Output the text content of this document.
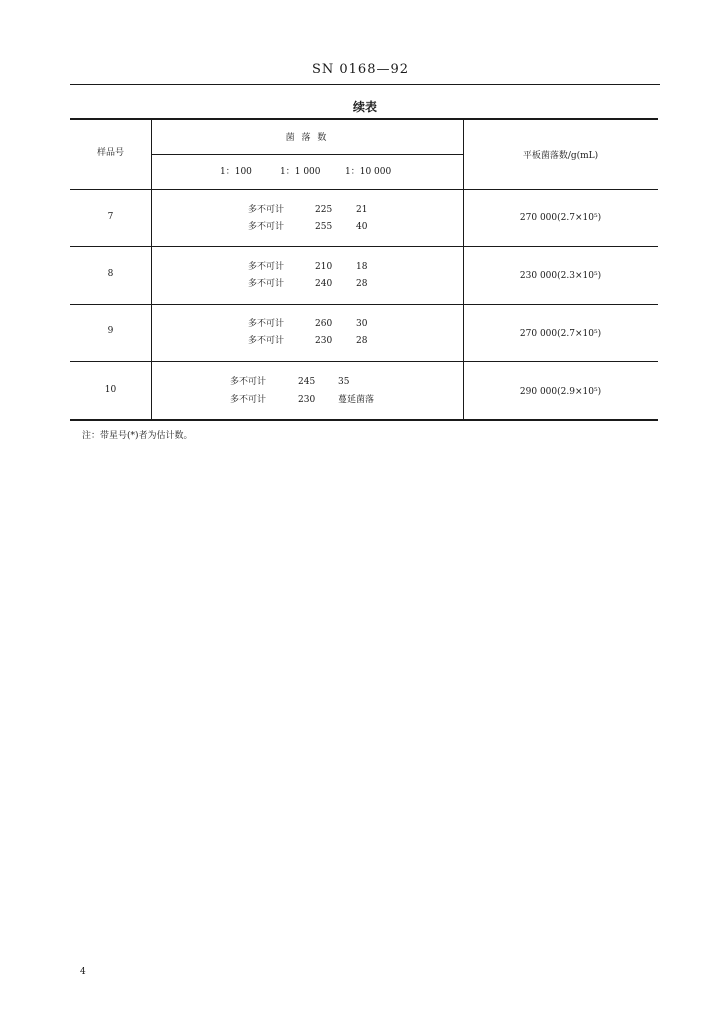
SN 0168—92
续表
样品号
菌 落 数
平板菌落数/g(mL)
1：100	1：1 000	1：10 000
7
多不可计	225	21
多不可计	255	40
270 000(2.7×10⁵)
8
多不可计	210	18
多不可计	240	28
230 000(2.3×10⁵)
9
多不可计	260	30
多不可计	230	28
270 000(2.7×10⁵)
10
多不可计	245	35
多不可计	230	蔓延菌落
290 000(2.9×10⁵)
注：带星号(*)者为估计数。
4
